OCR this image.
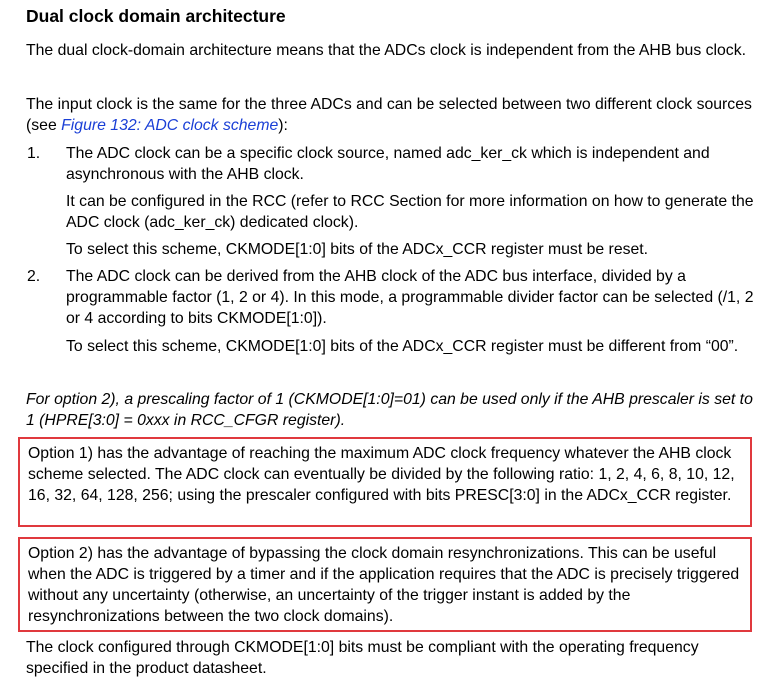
Dual clock domain architecture

The dual clock-domain architecture means that the ADCs clock is independent from the AHB bus clock.

The input clock is the same for the three ADCs and can be selected between two different clock sources (see Figure 132: ADC clock scheme):

1. The ADC clock can be a specific clock source, named adc_ker_ck which is independent and asynchronous with the AHB clock.

It can be configured in the RCC (refer to RCC Section for more information on how to generate the ADC clock (adc_ker_ck) dedicated clock).

To select this scheme, CKMODE[1:0] bits of the ADCx_CCR register must be reset.

2. The ADC clock can be derived from the AHB clock of the ADC bus interface, divided by a programmable factor (1, 2 or 4). In this mode, a programmable divider factor can be selected (/1, 2 or 4 according to bits CKMODE[1:0]).

To select this scheme, CKMODE[1:0] bits of the ADCx_CCR register must be different from “00”.

For option 2), a prescaling factor of 1 (CKMODE[1:0]=01) can be used only if the AHB prescaler is set to 1 (HPRE[3:0] = 0xxx in RCC_CFGR register).

Option 1) has the advantage of reaching the maximum ADC clock frequency whatever the AHB clock scheme selected. The ADC clock can eventually be divided by the following ratio: 1, 2, 4, 6, 8, 10, 12, 16, 32, 64, 128, 256; using the prescaler configured with bits PRESC[3:0] in the ADCx_CCR register.

Option 2) has the advantage of bypassing the clock domain resynchronizations. This can be useful when the ADC is triggered by a timer and if the application requires that the ADC is precisely triggered without any uncertainty (otherwise, an uncertainty of the trigger instant is added by the resynchronizations between the two clock domains).

The clock configured through CKMODE[1:0] bits must be compliant with the operating frequency specified in the product datasheet.
